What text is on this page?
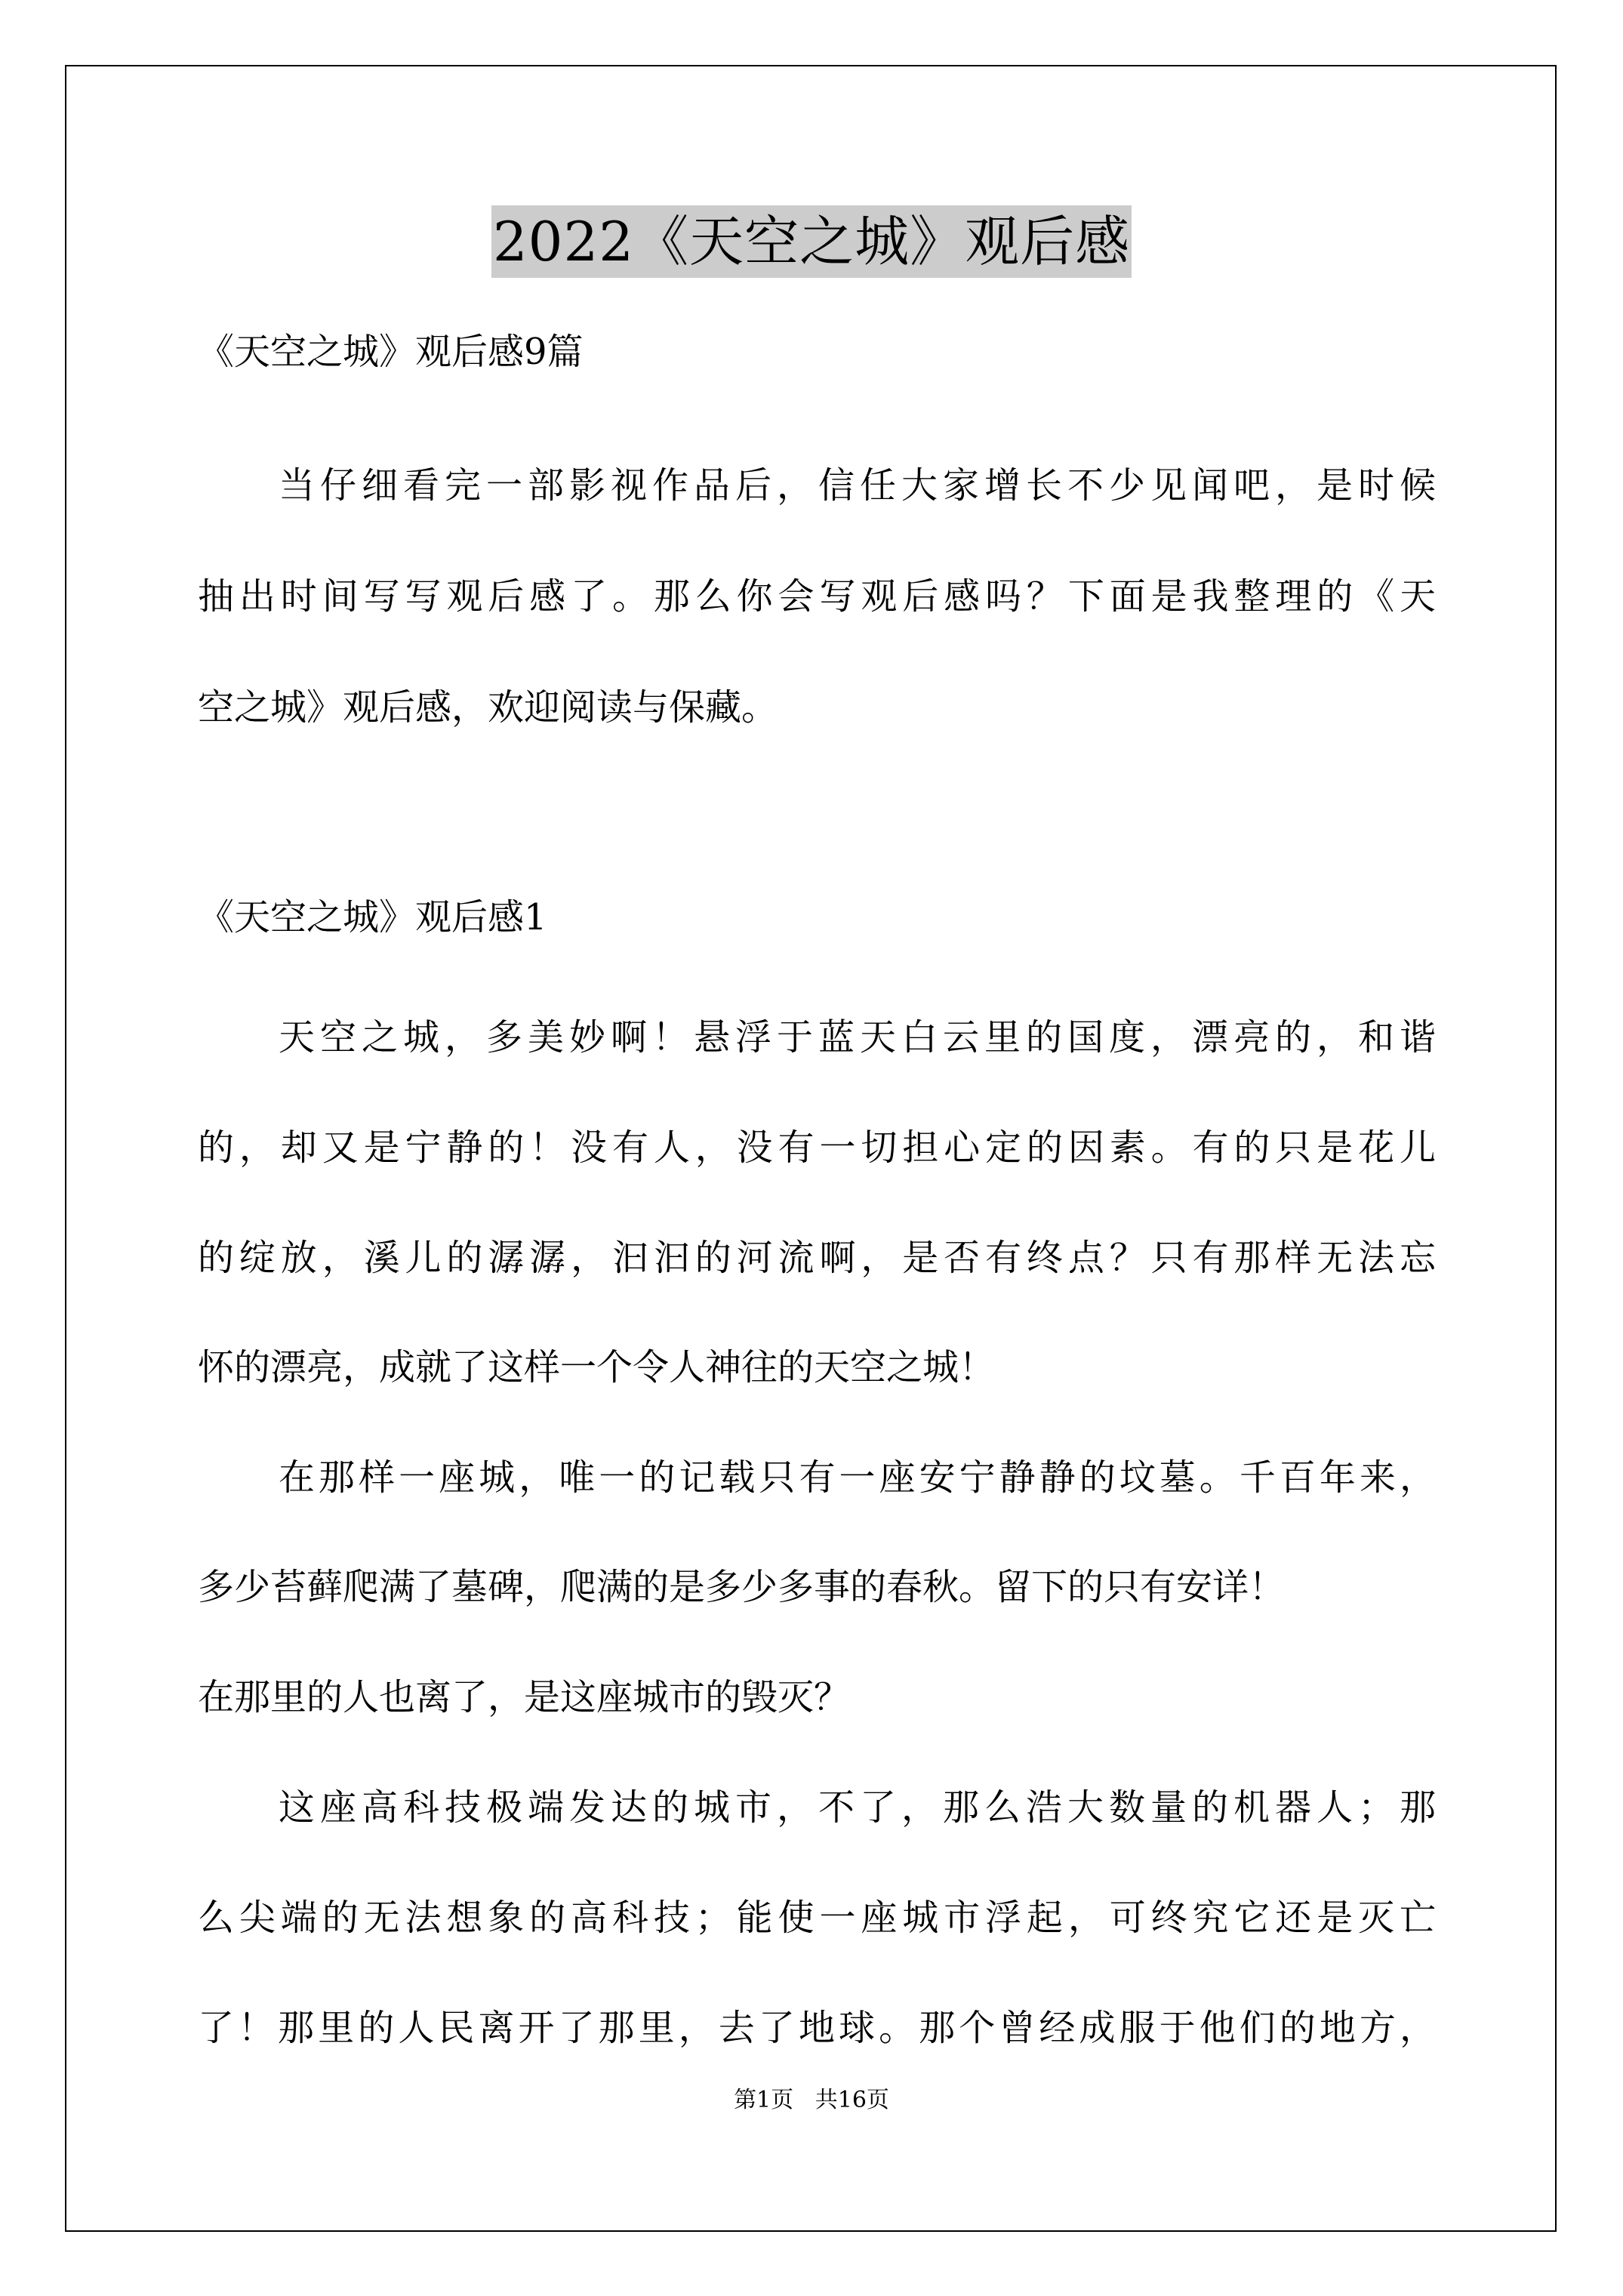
2022《天空之城》观后感
《天空之城》观后感9篇
当仔细看完一部影视作品后，信任大家增长不少见闻吧，是时候
抽出时间写写观后感了。那么你会写观后感吗？下面是我整理的《天
空之城》观后感，欢迎阅读与保藏。
《天空之城》观后感1
天空之城，多美妙啊！悬浮于蓝天白云里的国度，漂亮的，和谐
的，却又是宁静的！没有人，没有一切担心定的因素。有的只是花儿
的绽放，溪儿的潺潺，汩汩的河流啊，是否有终点？只有那样无法忘
怀的漂亮，成就了这样一个令人神往的天空之城！
在那样一座城，唯一的记载只有一座安宁静静的坟墓。千百年来，
多少苔藓爬满了墓碑，爬满的是多少多事的春秋。留下的只有安详！
在那里的人也离了，是这座城市的毁灭？
这座高科技极端发达的城市，不了，那么浩大数量的机器人；那
么尖端的无法想象的高科技；能使一座城市浮起，可终究它还是灭亡
了！那里的人民离开了那里，去了地球。那个曾经成服于他们的地方，
第1页   共16页
